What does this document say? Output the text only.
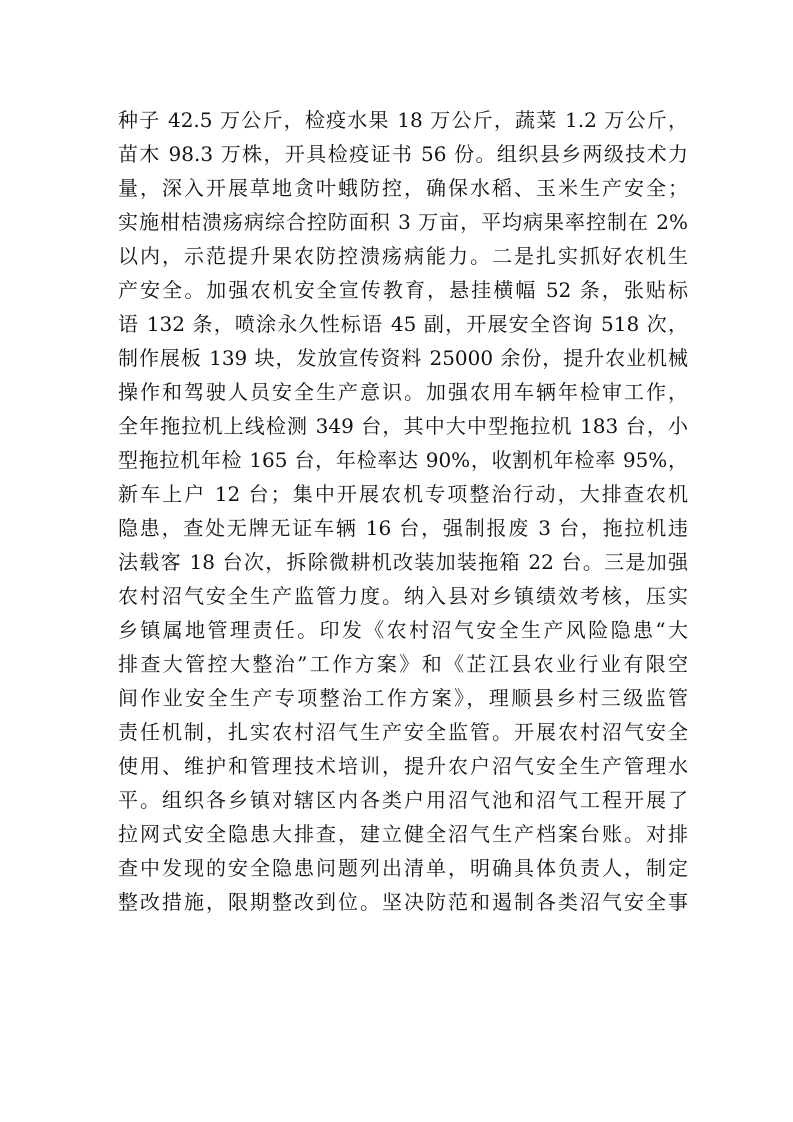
种子 42.5 万公斤，检疫水果 18 万公斤，蔬菜 1.2 万公斤，
苗木 98.3 万株，开具检疫证书 56 份。组织县乡两级技术力
量，深入开展草地贪叶蛾防控，确保水稻、玉米生产安全；
实施柑桔溃疡病综合控防面积 3 万亩，平均病果率控制在 2%
以内，示范提升果农防控溃疡病能力。二是扎实抓好农机生
产安全。加强农机安全宣传教育，悬挂横幅 52 条，张贴标
语 132 条，喷涂永久性标语 45 副，开展安全咨询 518 次，
制作展板 139 块，发放宣传资料 25000 余份，提升农业机械
操作和驾驶人员安全生产意识。加强农用车辆年检审工作，
全年拖拉机上线检测 349 台，其中大中型拖拉机 183 台，小
型拖拉机年检 165 台，年检率达 90%，收割机年检率 95%，
新车上户 12 台；集中开展农机专项整治行动，大排查农机
隐患，查处无牌无证车辆 16 台，强制报废 3 台，拖拉机违
法载客 18 台次，拆除微耕机改装加装拖箱 22 台。三是加强
农村沼气安全生产监管力度。纳入县对乡镇绩效考核，压实
乡镇属地管理责任。印发《农村沼气安全生产风险隐患“大
排查大管控大整治”工作方案》和《芷江县农业行业有限空
间作业安全生产专项整治工作方案》，理顺县乡村三级监管
责任机制，扎实农村沼气生产安全监管。开展农村沼气安全
使用、维护和管理技术培训，提升农户沼气安全生产管理水
平。组织各乡镇对辖区内各类户用沼气池和沼气工程开展了
拉网式安全隐患大排查，建立健全沼气生产档案台账。对排
查中发现的安全隐患问题列出清单，明确具体负责人，制定
整改措施，限期整改到位。坚决防范和遏制各类沼气安全事
